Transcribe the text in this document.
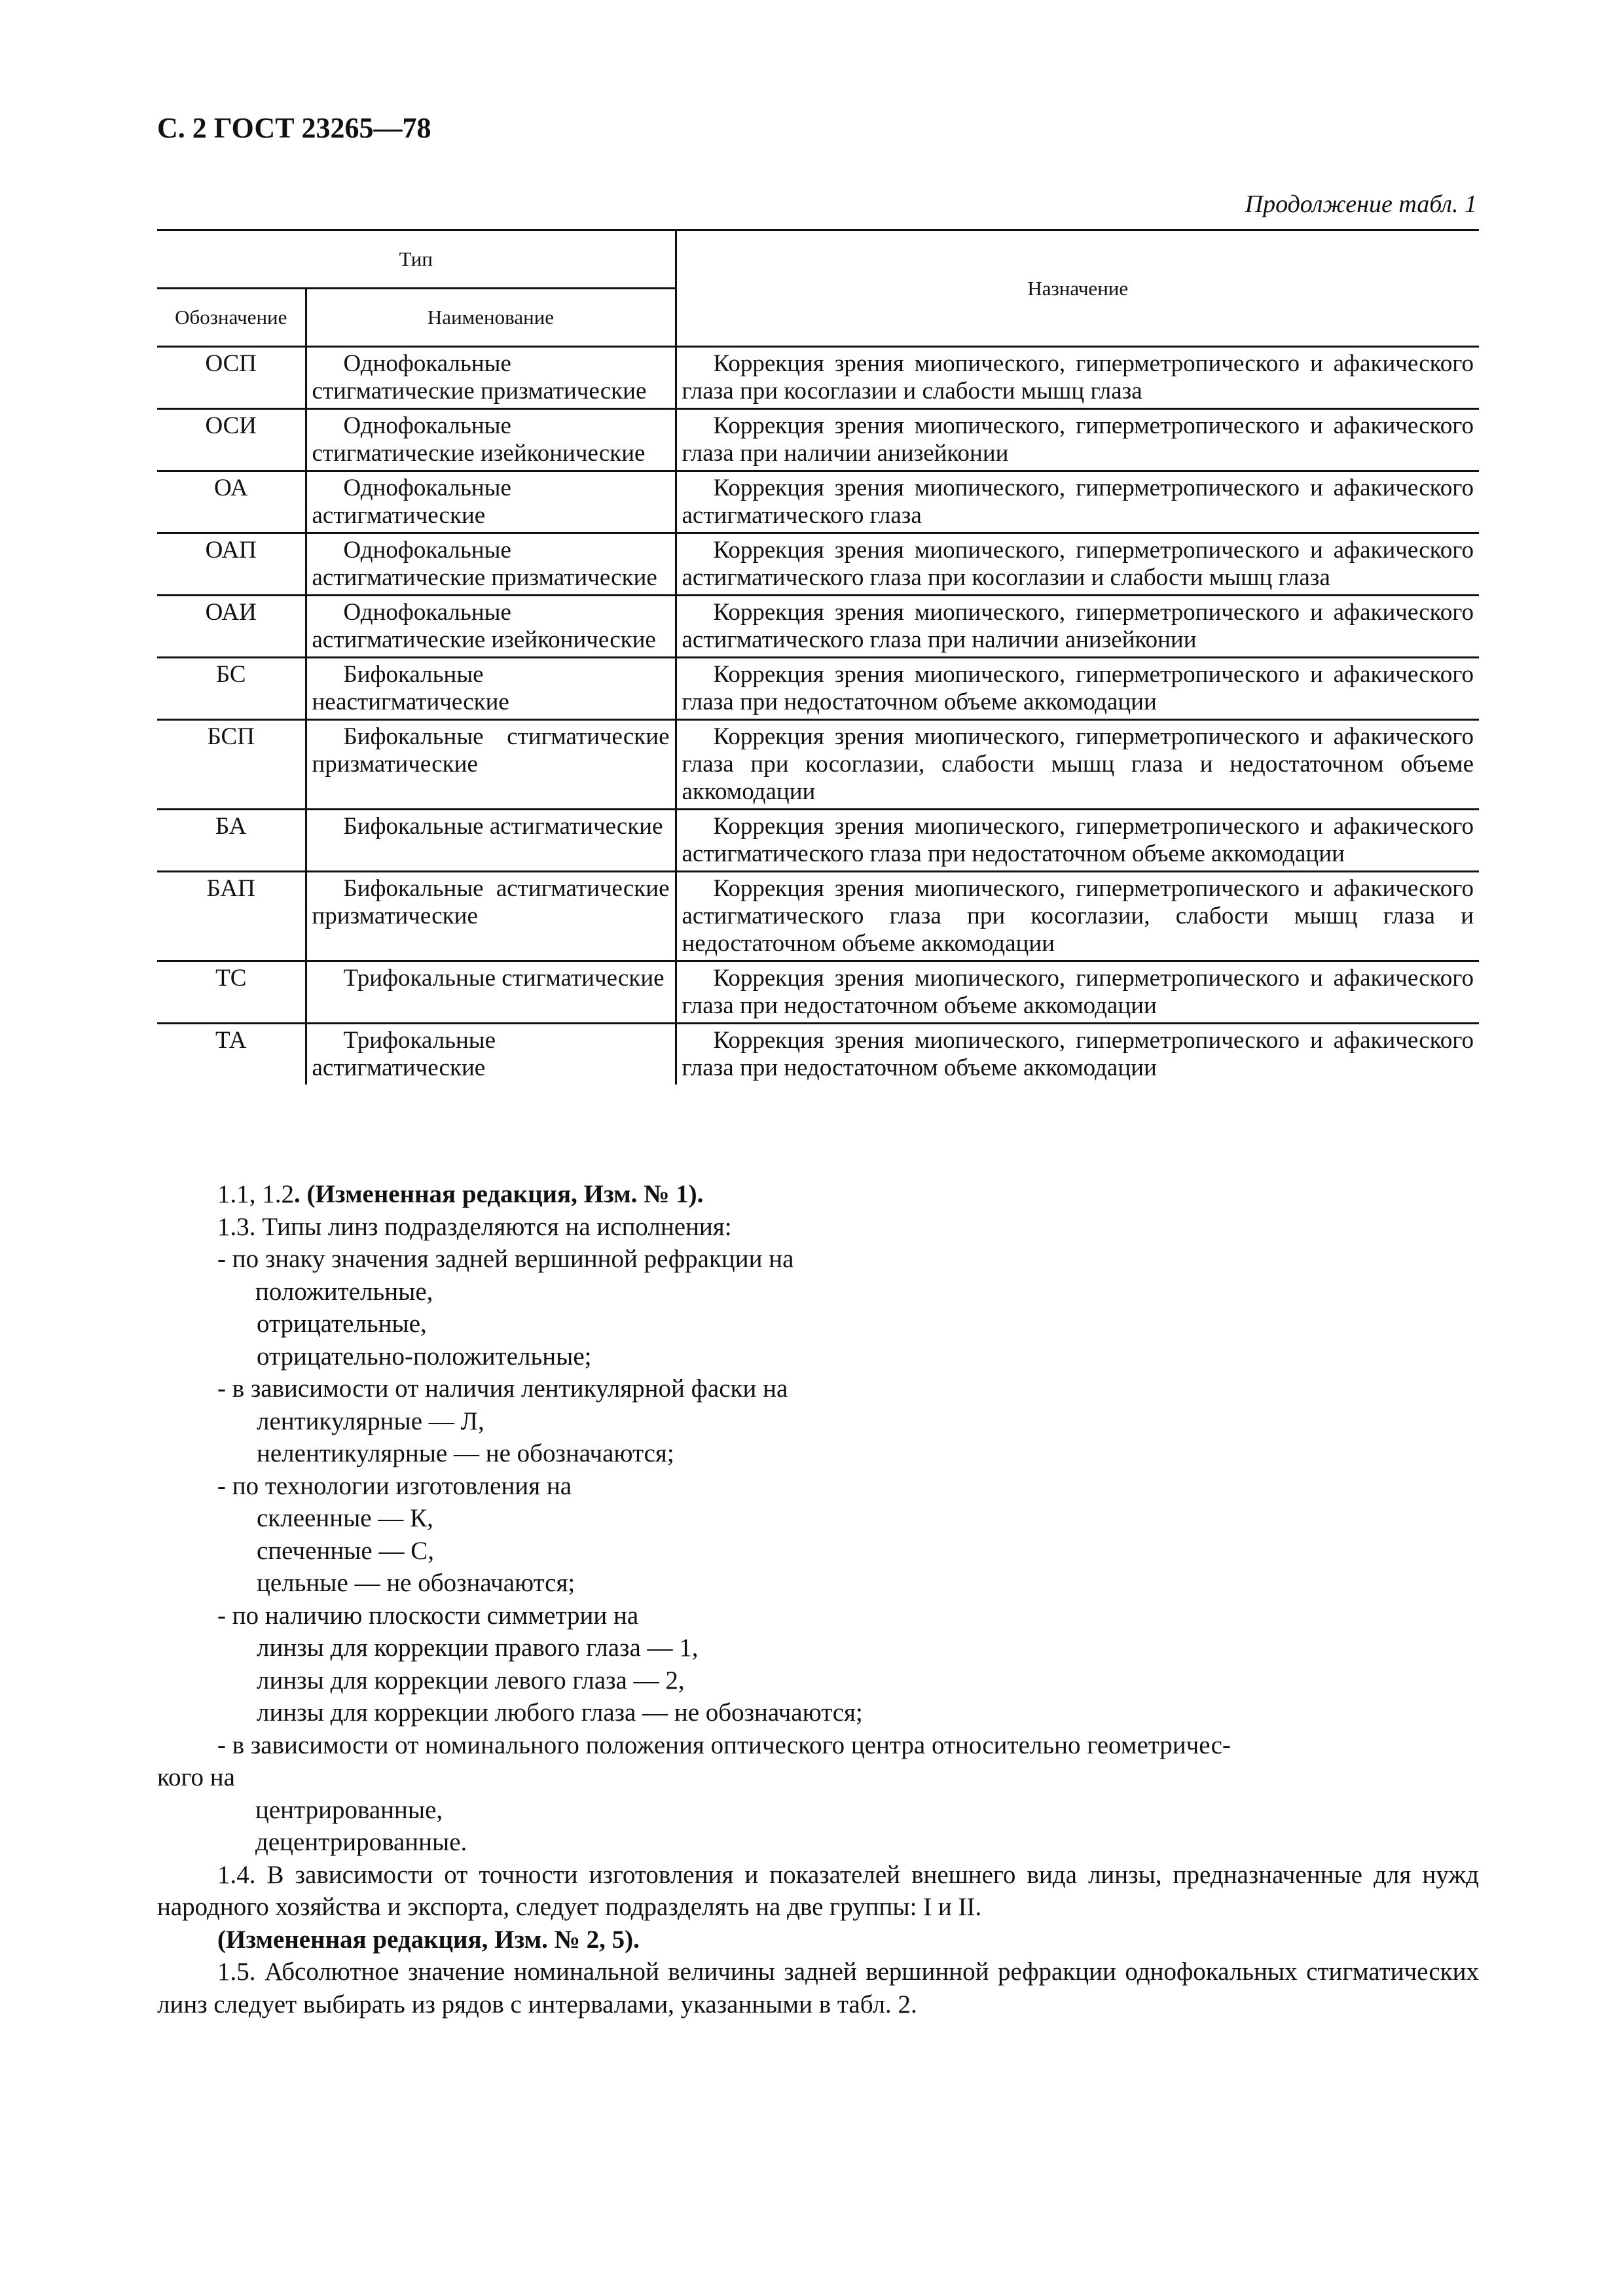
С. 2 ГОСТ 23265—78
Продолжение табл. 1
Тип		Назначение
Обозначение	Наименование	
ОСП	Однофокальные стигматические призматические	Коррекция зрения миопического, гиперметропического и афакического глаза при косоглазии и слабости мышц глаза
ОСИ	Однофокальные стигматические изейконические	Коррекция зрения миопического, гиперметропического и афакического глаза при наличии анизейконии
ОА	Однофокальные астигматические	Коррекция зрения миопического, гиперметропического и афакического астигматического глаза
ОАП	Однофокальные астигматические призматические	Коррекция зрения миопического, гиперметропического и афакического астигматического глаза при косоглазии и слабости мышц глаза
ОАИ	Однофокальные астигматические изейконические	Коррекция зрения миопического, гиперметропического и афакического астигматического глаза при наличии анизейконии
БС	Бифокальные неастигматические	Коррекция зрения миопического, гиперметропического и афакического глаза при недостаточном объеме аккомодации
БСП	Бифокальные стигматические призматические	Коррекция зрения миопического, гиперметропического и афакического глаза при косоглазии, слабости мышц глаза и недостаточном объеме аккомодации
БА	Бифокальные астигматические	Коррекция зрения миопического, гиперметропического и афакического астигматического глаза при недостаточном объеме аккомодации
БАП	Бифокальные астигматические призматические	Коррекция зрения миопического, гиперметропического и афакического астигматического глаза при косоглазии, слабости мышц глаза и недостаточном объеме аккомодации
ТС	Трифокальные стигматические	Коррекция зрения миопического, гиперметропического и афакического глаза при недостаточном объеме аккомодации
ТА	Трифокальные астигматические	Коррекция зрения миопического, гиперметропического и афакического глаза при недостаточном объеме аккомодации

1.1, 1.2. (Измененная редакция, Изм. № 1).

1.3. Типы линз подразделяются на исполнения:

- по знаку значения задней вершинной рефракции на

положительные,

отрицательные,

отрицательно-положительные;

- в зависимости от наличия лентикулярной фаски на

лентикулярные — Л,

нелентикулярные — не обозначаются;

- по технологии изготовления на

склеенные — К,

спеченные — С,

цельные — не обозначаются;

- по наличию плоскости симметрии на

линзы для коррекции правого глаза — 1,

линзы для коррекции левого глаза — 2,

линзы для коррекции любого глаза — не обозначаются;

- в зависимости от номинального положения оптического центра относительно геометричес-

кого на

центрированные,

децентрированные.

1.4. В зависимости от точности изготовления и показателей внешнего вида линзы, предназначенные для нужд народного хозяйства и экспорта, следует подразделять на две группы: I и II.

(Измененная редакция, Изм. № 2, 5).

1.5. Абсолютное значение номинальной величины задней вершинной рефракции однофокальных стигматических линз следует выбирать из рядов с интервалами, указанными в табл. 2.
